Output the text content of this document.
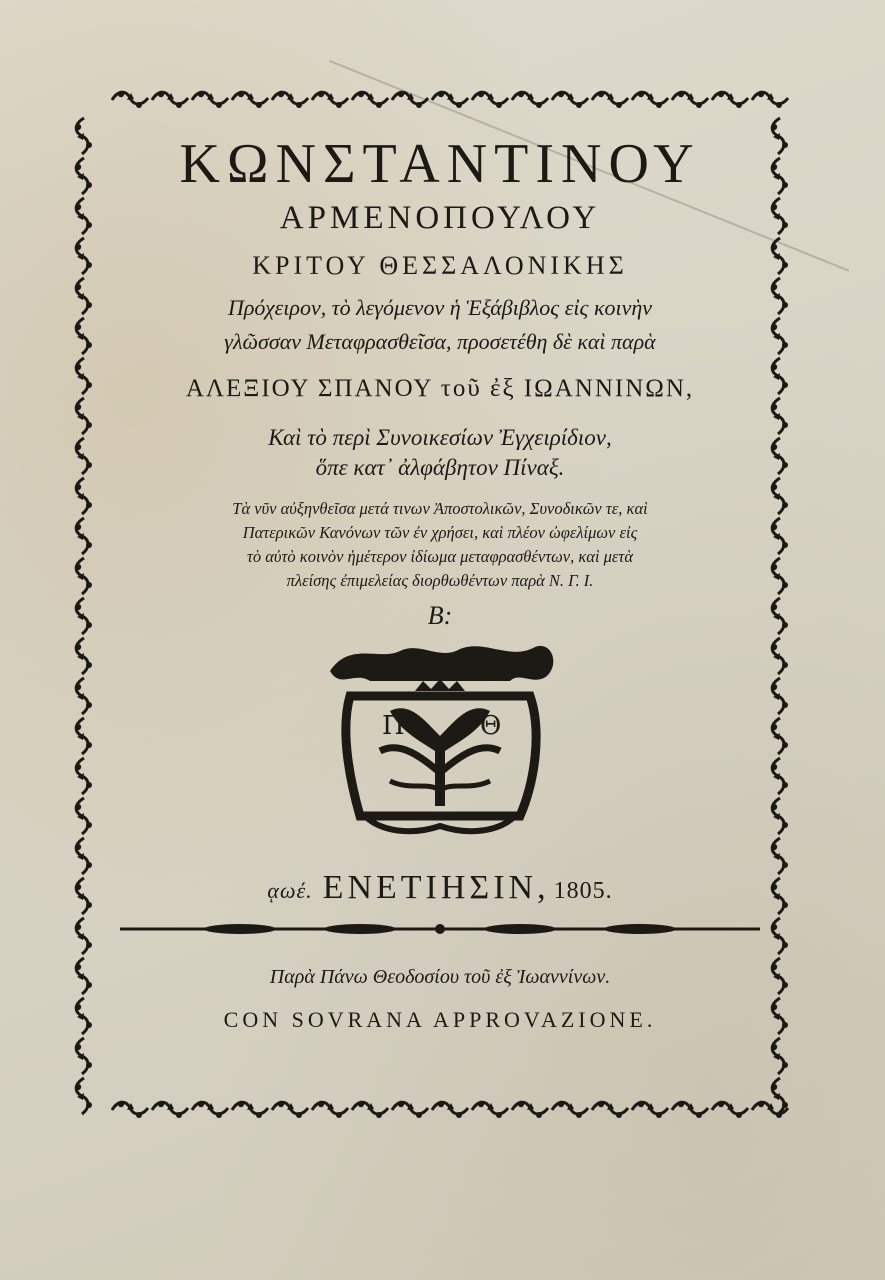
ΚΩΝΣΤΑΝΤΙΝΟΥ
ΑΡΜΕΝΟΠΟΥΛΟΥ
ΚΡΙΤΟΥ ΘΕΣΣΑΛΟΝΙΚΗΣ
Πρόχειρον, τὸ λεγόμενον ἡ Ἑξάβιβλος εἰς κοινὴν
γλῶσσαν Μεταφρασθεῖσα, προσετέθη δὲ καὶ παρὰ
ΑΛΕΞΙΟΥ ΣΠΑΝΟΥ τοῦ ἐξ ΙΩΑΝΝΙΝΩΝ,
Καὶ τὸ περὶ Συνοικεσίων Ἐγχειρίδιον,
ὅπε κατ᾽ ἀλφάβητον Πίναξ.
Τὰ νῦν αὐξηνθεῖσα μετά τινων Ἀποστολικῶν, Συνοδικῶν τε, καὶ
Πατερικῶν Κανόνων τῶν ἐν χρήσει, καὶ πλέον ὠφελίμων εἰς
τὸ αὐτὸ κοινὸν ἡμέτερον ἰδίωμα μεταφρασθέντων, καὶ μετὰ
πλείσης ἐπιμελείας διορθωθέντων παρὰ Ν. Γ. Ι.
B:
Π	Θ
ᾳωέ. ΕΝΕΤΙΗΣΙΝ, 1805.
Παρὰ Πάνω Θεοδοσίου τοῦ ἐξ Ἰωαννίνων.
CON SOVRANA APPROVAZIONE.
